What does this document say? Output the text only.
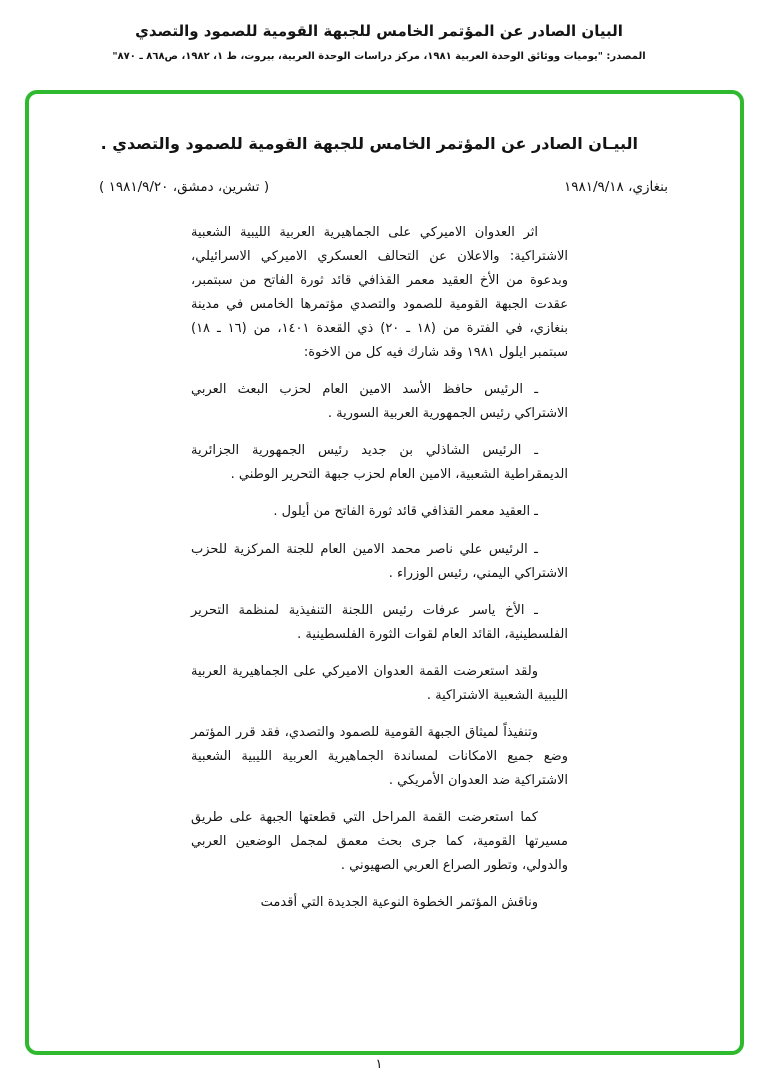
البيان الصادر عن المؤتمر الخامس للجبهة القومية للصمود والتصدي
المصدر: "يوميات ووثائق الوحدة العربية ١٩٨١، مركز دراسات الوحدة العربية، بيروت، ط ١، ١٩٨٢، ص٨٦٨ ـ ٨٧٠"
البيـان الصادر عن المؤتمر الخامس للجبهة القومية للصمود والتصدي .
بنغازي، ١٩٨١/٩/١٨
( تشرين، دمشق، ١٩٨١/٩/٢٠ )

اثر العدوان الاميركي على الجماهيرية العربية الليبية الشعبية الاشتراكية: والاعلان عن التحالف العسكري الاميركي الاسرائيلي، وبدعوة من الأخ العقيد معمر القذافي قائد ثورة الفاتح من سبتمبر، عقدت الجبهة القومية للصمود والتصدي مؤتمرها الخامس في مدينة بنغازي، في الفترة من (١٨ ـ ٢٠) ذي القعدة ١٤٠١، من (١٦ ـ ١٨) سبتمبر ايلول ١٩٨١ وقد شارك فيه كل من الاخوة:

ـ الرئيس حافظ الأسد الامين العام لحزب البعث العربي الاشتراكي رئيس الجمهورية العربية السورية .

ـ الرئيس الشاذلي بن جديد رئيس الجمهورية الجزائرية الديمقراطية الشعبية، الامين العام لحزب جبهة التحرير الوطني .

ـ العقيد معمر القذافي قائد ثورة الفاتح من أيلول .

ـ الرئيس علي ناصر محمد الامين العام للجنة المركزية للحزب الاشتراكي اليمني، رئيس الوزراء .

ـ الأخ ياسر عرفات رئيس اللجنة التنفيذية لمنظمة التحرير الفلسطينية، القائد العام لقوات الثورة الفلسطينية .

ولقد استعرضت القمة العدوان الاميركي على الجماهيرية العربية الليبية الشعبية الاشتراكية .

وتنفيذاً لميثاق الجبهة القومية للصمود والتصدي، فقد قرر المؤتمر وضع جميع الامكانات لمساندة الجماهيرية العربية الليبية الشعبية الاشتراكية ضد العدوان الأمريكي .

كما استعرضت القمة المراحل التي قطعتها الجبهة على طريق مسيرتها القومية، كما جرى بحث معمق لمجمل الوضعين العربي والدولي، وتطور الصراع العربي الصهيوني .

وناقش المؤتمر الخطوة النوعية الجديدة التي أقدمت

١
